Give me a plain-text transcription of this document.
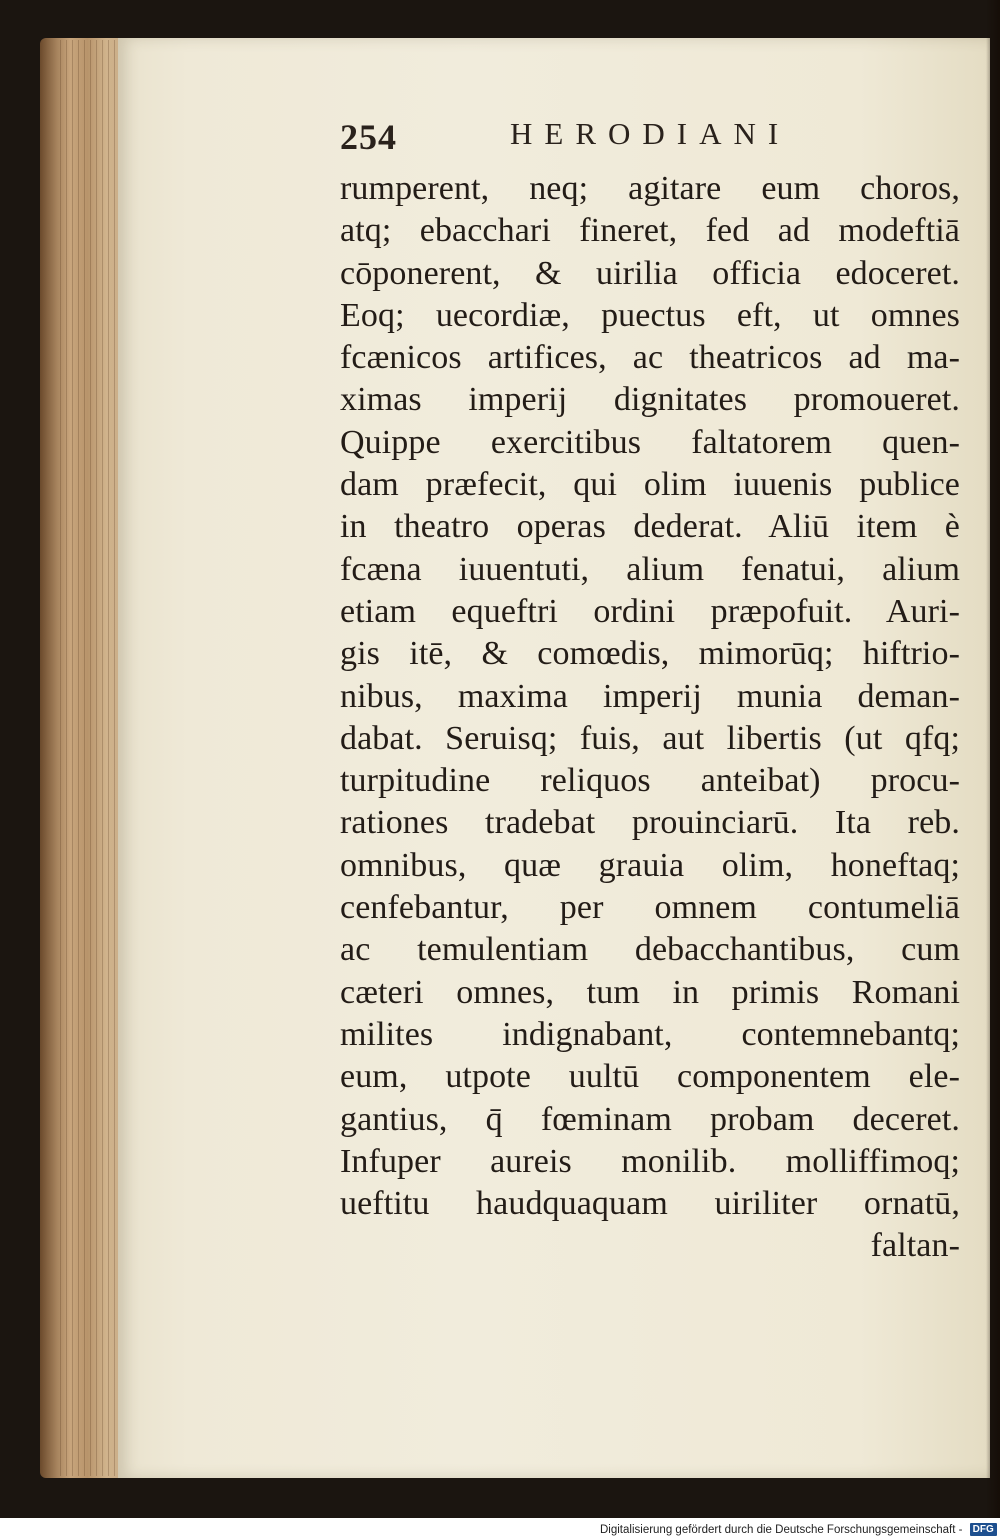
254	HERODIANI
rumperent, neq; agitare eum choros,
atq; ebacchari fineret, fed ad modeftiā
cōponerent, & uirilia officia edoceret.
Eoq; uecordiæ, puectus eft, ut omnes
fcænicos artifices, ac theatricos ad ma-
ximas imperij dignitates promoueret.
Quippe exercitibus faltatorem quen-
dam præfecit, qui olim iuuenis publice
in theatro operas dederat. Aliū item è
fcæna iuuentuti, alium fenatui, alium
etiam equeftri ordini præpofuit. Auri-
gis itē, & comœdis, mimorūq; hiftrio-
nibus, maxima imperij munia deman-
dabat. Seruisq; fuis, aut libertis (ut qfq;
turpitudine reliquos anteibat) procu-
rationes tradebat prouinciarū. Ita reb.
omnibus, quæ grauia olim, honeftaq;
cenfebantur, per omnem contumeliā
ac temulentiam debacchantibus, cum
cæteri omnes, tum in primis Romani
milites indignabant, contemnebantq;
eum, utpote uultū componentem ele-
gantius, q̄ fœminam probam deceret.
Infuper aureis monilib. molliffimoq;
ueftitu haudquaquam uiriliter ornatū,
faltan-
Digitalisierung gefördert durch die Deutsche Forschungsgemeinschaft - DFG
